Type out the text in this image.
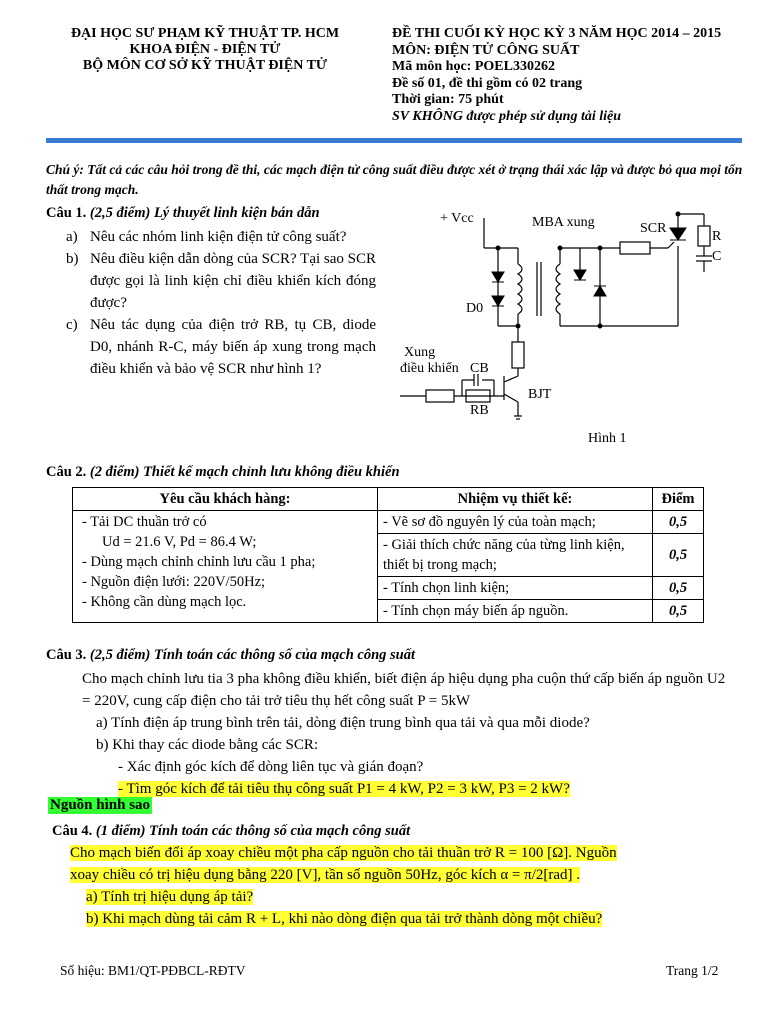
ĐẠI HỌC SƯ PHẠM KỸ THUẬT TP. HCM
KHOA ĐIỆN - ĐIỆN TỬ
BỘ MÔN CƠ SỞ KỸ THUẬT ĐIỆN TỬ
ĐỀ THI CUỐI KỲ HỌC KỲ 3 NĂM HỌC 2014 – 2015
MÔN: ĐIỆN TỬ CÔNG SUẤT
Mã môn học: POEL330262
Đề số 01, đề thi gồm có 02 trang
Thời gian: 75 phút
SV KHÔNG được phép sử dụng tài liệu
Chú ý: Tất cả các câu hỏi trong đề thi, các mạch điện tử công suất điều được xét ở trạng thái xác lập và được bỏ qua mọi tổn thất trong mạch.
Câu 1. (2,5 điểm) Lý thuyết linh kiện bán dẫn
a) Nêu các nhóm linh kiện điện tử công suất?
b) Nêu điều kiện dẫn dòng của SCR? Tại sao SCR được gọi là linh kiện chỉ điều khiển kích đóng được?
c) Nêu tác dụng của điện trở RB, tụ CB, diode D0, nhánh R-C, máy biến áp xung trong mạch điều khiển và bảo vệ SCR như hình 1?
+ Vcc	MBA xung	SCR
R
C
D0
Xung
điều khiển CB
RB
BJT
Hình 1
Câu 2. (2 điểm) Thiết kế mạch chỉnh lưu không điều khiển
Yêu cầu khách hàng:	Nhiệm vụ thiết kế:	Điểm

- Tải DC thuần trở có
Ud = 21.6 V, Pd = 86.4 W;
- Dùng mạch chỉnh chỉnh lưu cầu 1 pha;
- Nguồn điện lưới: 220V/50Hz;
- Không cần dùng mạch lọc.	- Vẽ sơ đồ nguyên lý của toàn mạch;	0,5
	- Giải thích chức năng của từng linh kiện, thiết bị trong mạch;	0,5
	- Tính chọn linh kiện;	0,5
	- Tính chọn máy biến áp nguồn.	0,5
Câu 3. (2,5 điểm) Tính toán các thông số của mạch công suất
Cho mạch chỉnh lưu tia 3 pha không điều khiển, biết điện áp hiệu dụng pha cuộn thứ cấp biến áp nguồn U2 = 220V, cung cấp điện cho tải trở tiêu thụ hết công suất P = 5kW
a) Tính điện áp trung bình trên tải, dòng điện trung bình qua tải và qua mỗi diode?
b) Khi thay các diode bằng các SCR:
- Xác định góc kích để dòng liên tục và gián đoạn?
- Tìm góc kích để tải tiêu thụ công suất P1 = 4 kW, P2 = 3 kW, P3 = 2 kW?
Nguồn hình sao
Câu 4. (1 điểm) Tính toán các thông số của mạch công suất
Cho mạch biến đổi áp xoay chiều một pha cấp nguồn cho tải thuần trở R = 100 [Ω]. Nguồn
xoay chiều có trị hiệu dụng bằng 220 [V], tần số nguồn 50Hz, góc kích α = π/2[rad] .
a) Tính trị hiệu dụng áp tải?
b) Khi mạch dùng tải cảm R + L, khi nào dòng điện qua tải trở thành dòng một chiều?
Số hiệu: BM1/QT-PĐBCL-RĐTV	Trang 1/2
